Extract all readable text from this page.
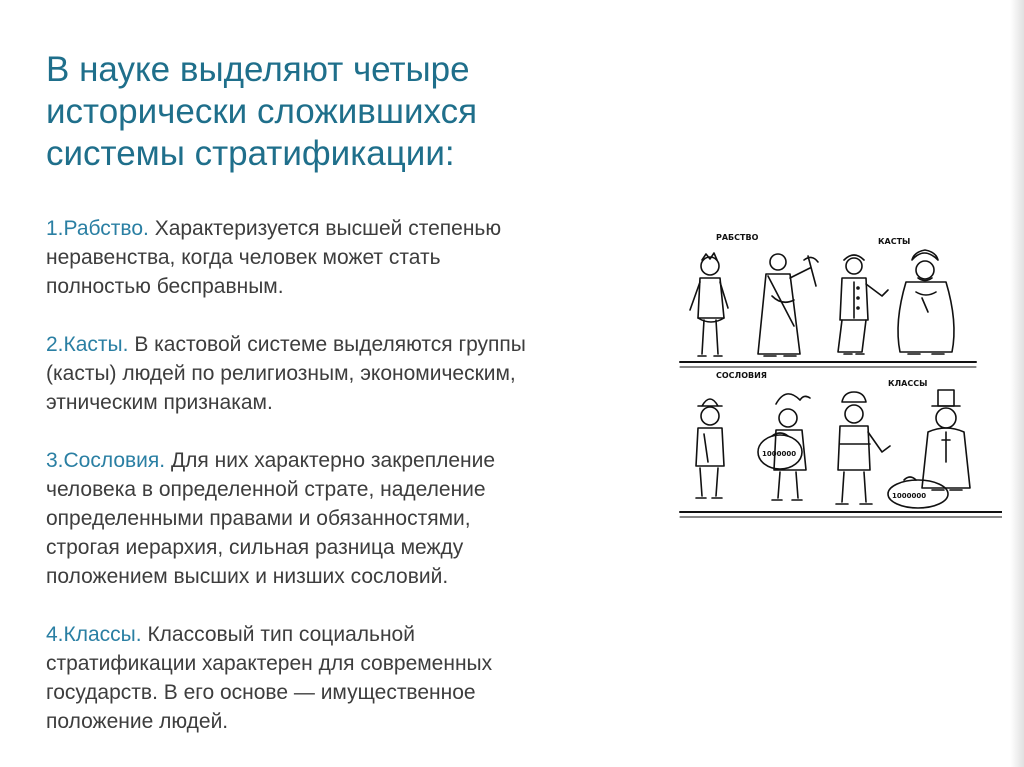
В науке выделяют четыре
исторически сложившихся
системы стратификации:
1.Рабство. Характеризуется высшей степенью
неравенства, когда человек может стать
полностью бесправным.
2.Касты. В кастовой системе выделяются группы
(касты) людей по религиозным, экономическим,
этническим признакам.
3.Сословия. Для них характерно закрепление
человека в определенной страте, наделение
определенными правами и обязанностями,
строгая иерархия, сильная разница между
положением высших и низших сословий.
4.Классы. Классовый тип социальной
стратификации характерен для современных
государств. В его основе — имущественное
положение людей.
РАБСТВО	КАСТЫ
СОСЛОВИЯ
КЛАССЫ
1000000
1000000
